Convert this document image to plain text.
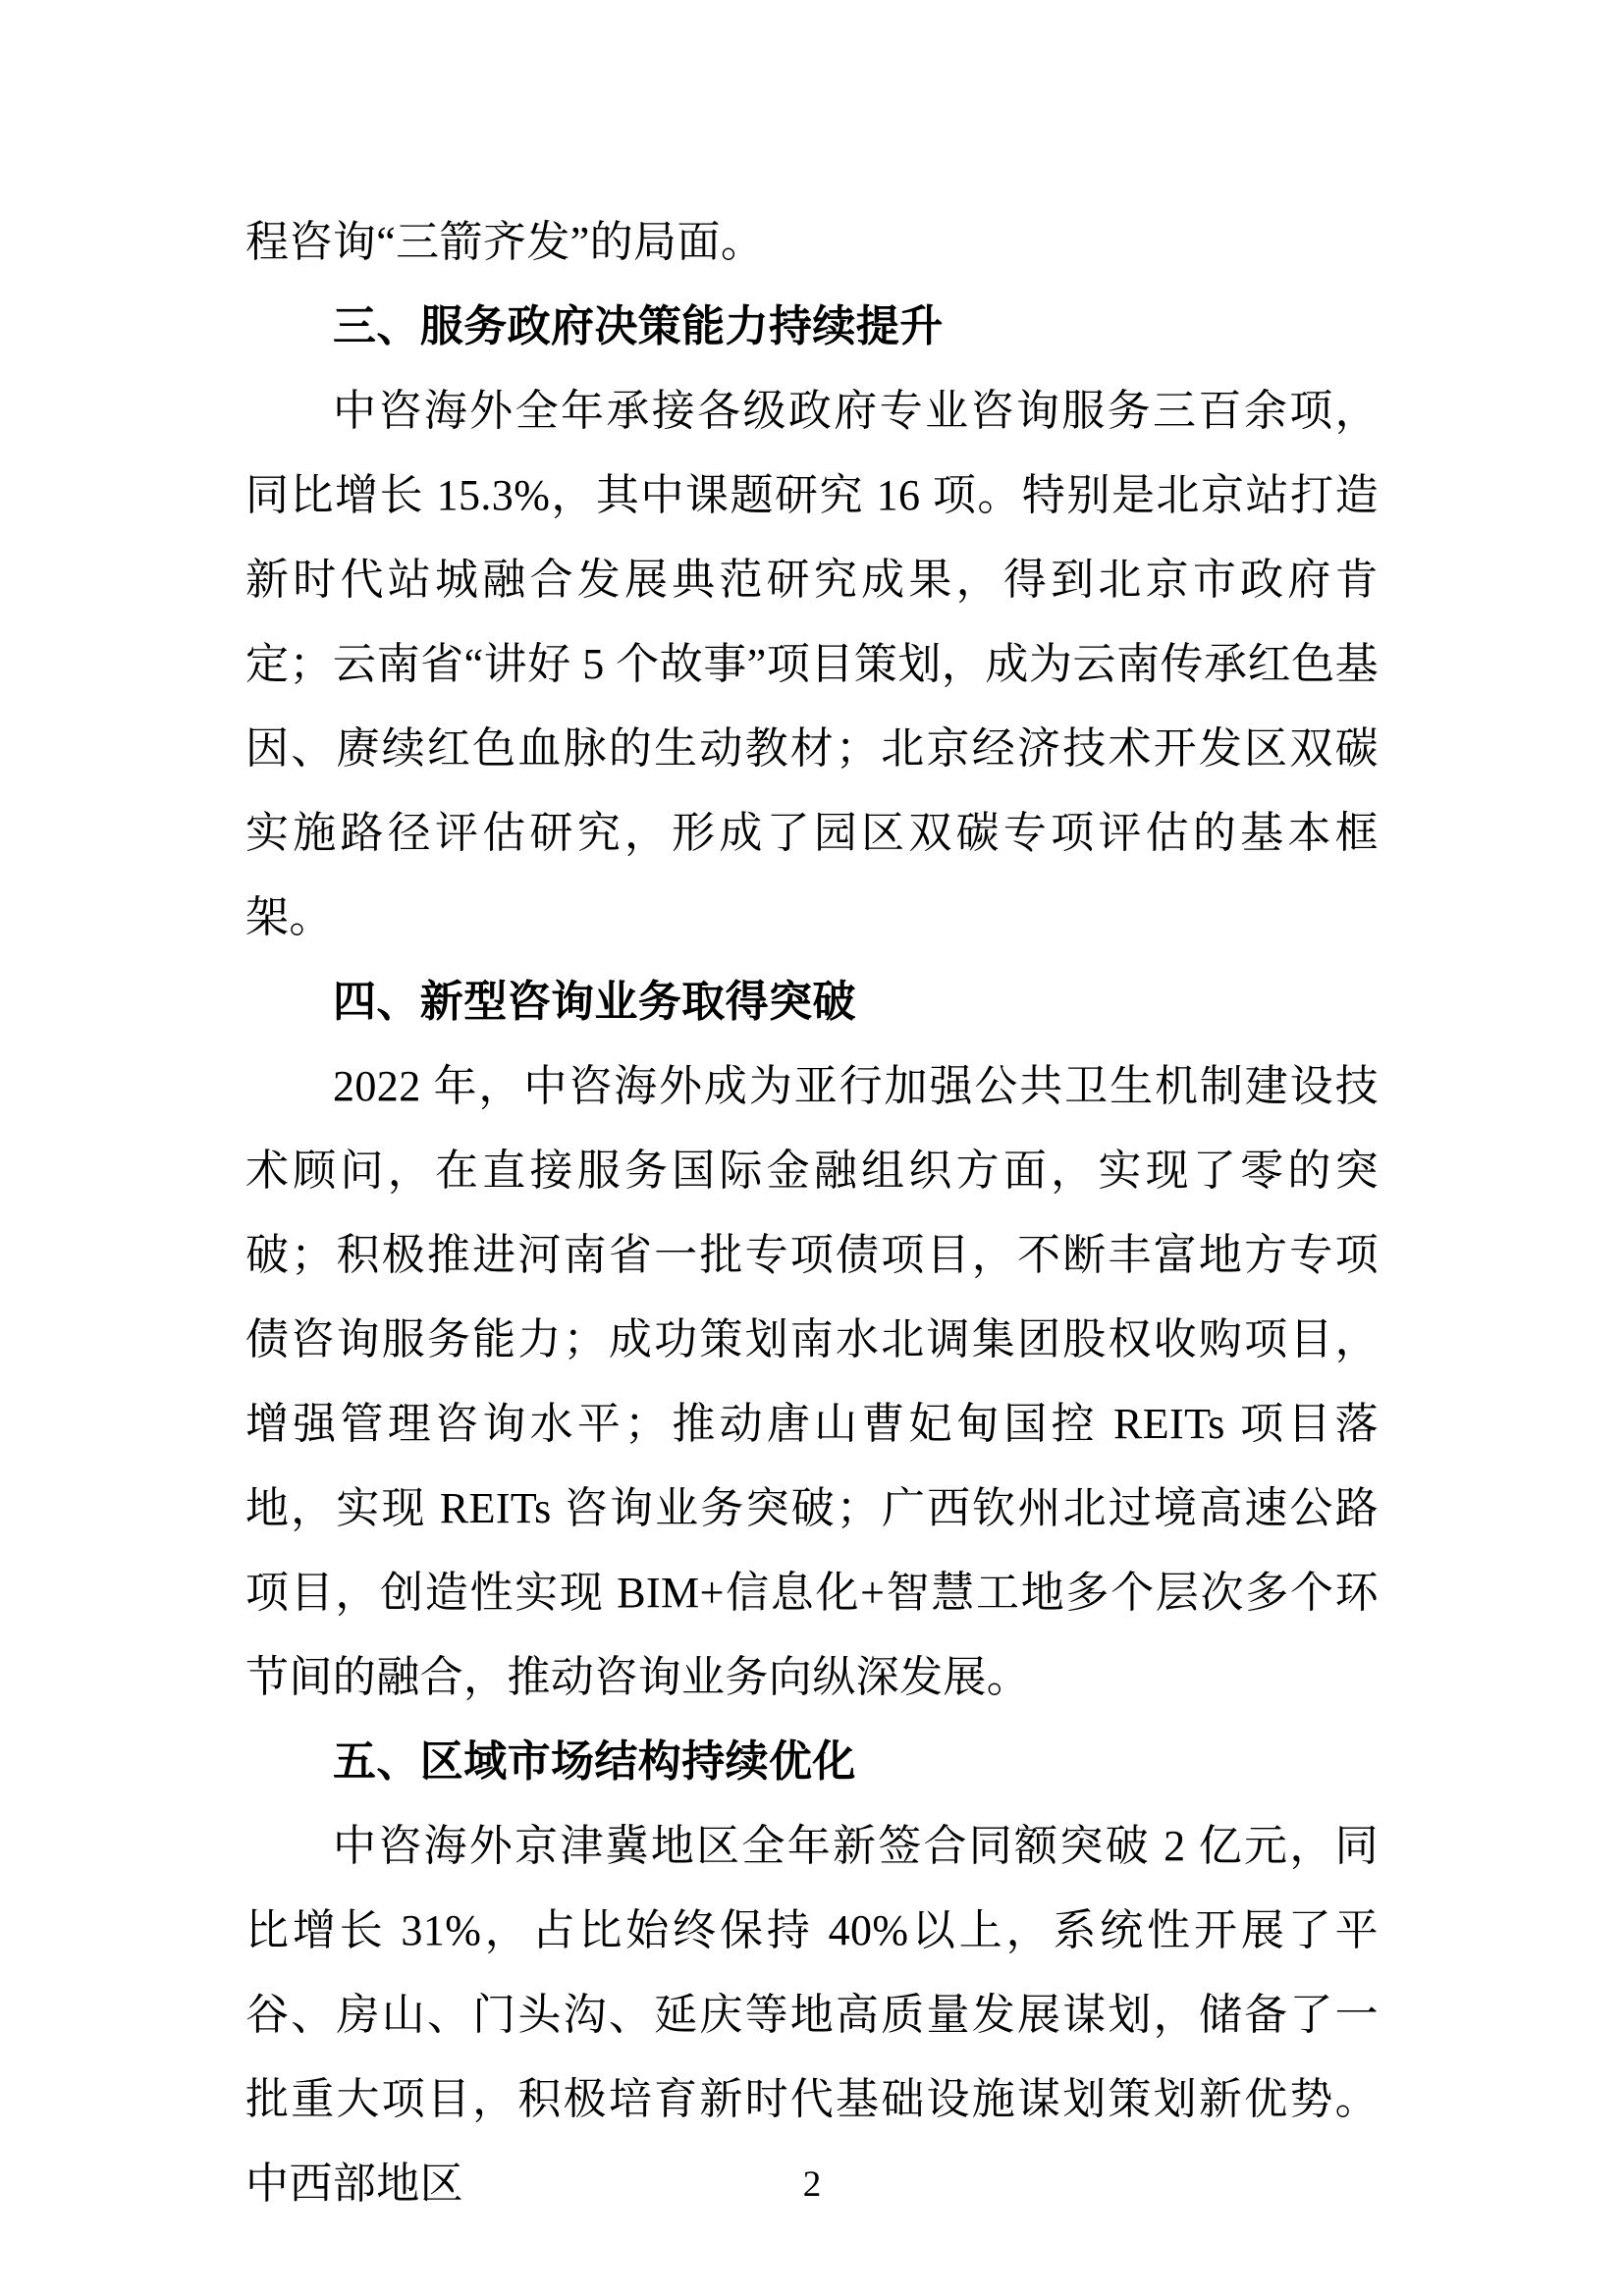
程咨询“三箭齐发”的局面。

三、服务政府决策能力持续提升

中咨海外全年承接各级政府专业咨询服务三百余项，同比增长 15.3%，其中课题研究 16 项。特别是北京站打造新时代站城融合发展典范研究成果，得到北京市政府肯定；云南省“讲好 5 个故事”项目策划，成为云南传承红色基因、赓续红色血脉的生动教材；北京经济技术开发区双碳实施路径评估研究，形成了园区双碳专项评估的基本框架。

四、新型咨询业务取得突破

2022 年，中咨海外成为亚行加强公共卫生机制建设技术顾问，在直接服务国际金融组织方面，实现了零的突破；积极推进河南省一批专项债项目，不断丰富地方专项债咨询服务能力；成功策划南水北调集团股权收购项目，增强管理咨询水平；推动唐山曹妃甸国控 REITs 项目落地，实现 REITs 咨询业务突破；广西钦州北过境高速公路项目，创造性实现 BIM+信息化+智慧工地多个层次多个环节间的融合，推动咨询业务向纵深发展。

五、区域市场结构持续优化

中咨海外京津冀地区全年新签合同额突破 2 亿元，同比增长 31%，占比始终保持 40%以上，系统性开展了平谷、房山、门头沟、延庆等地高质量发展谋划，储备了一批重大项目，积极培育新时代基础设施谋划策划新优势。中西部地区	2
